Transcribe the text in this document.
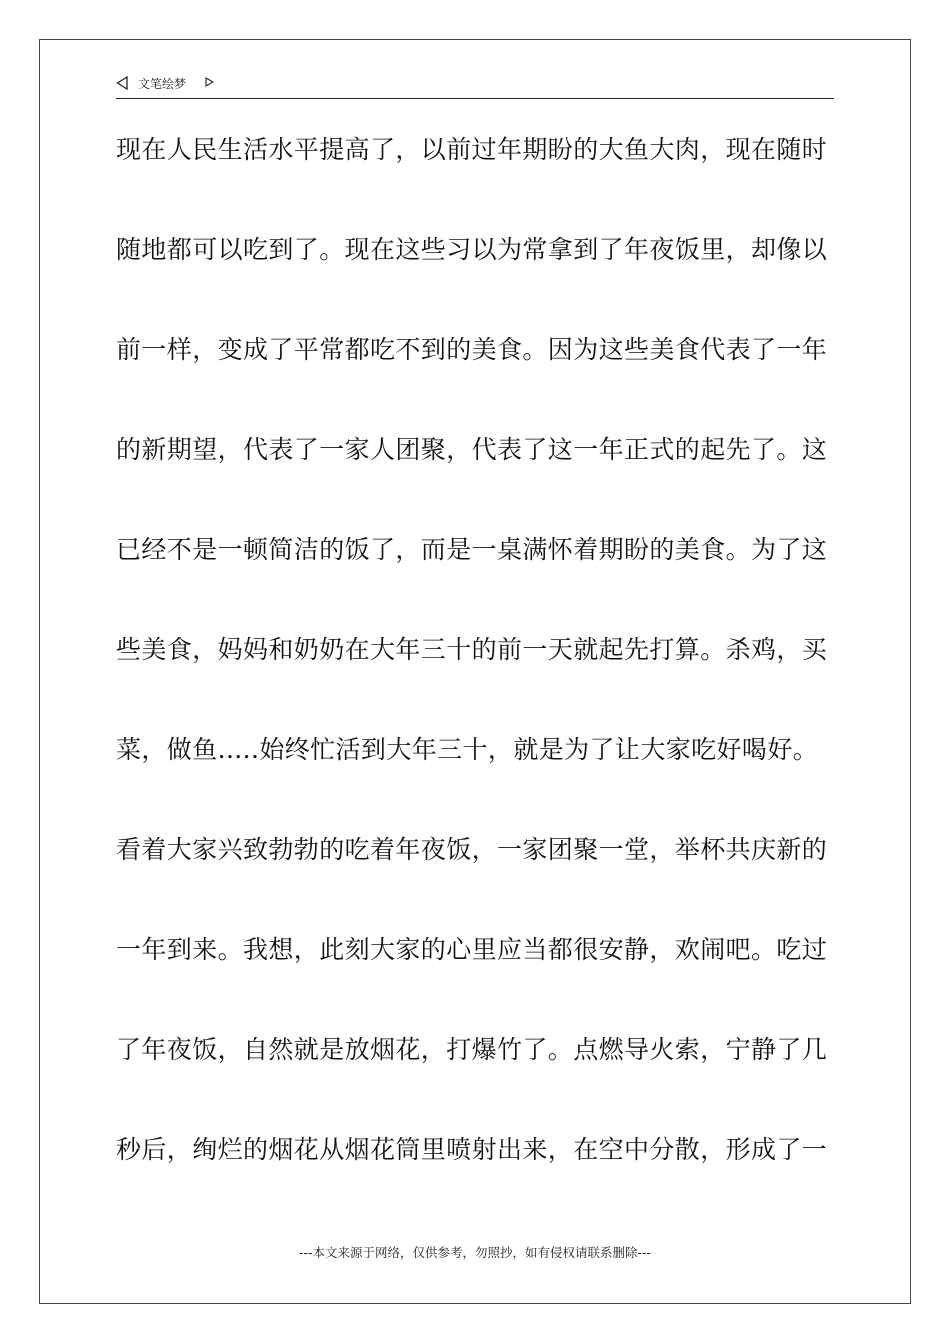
文笔绘梦
现在人民生活水平提高了，以前过年期盼的大鱼大肉，现在随时
随地都可以吃到了。现在这些习以为常拿到了年夜饭里，却像以
前一样，变成了平常都吃不到的美食。因为这些美食代表了一年
的新期望，代表了一家人团聚，代表了这一年正式的起先了。这
已经不是一顿简洁的饭了，而是一桌满怀着期盼的美食。为了这
些美食，妈妈和奶奶在大年三十的前一天就起先打算。杀鸡，买
菜，做鱼.....始终忙活到大年三十，就是为了让大家吃好喝好。
看着大家兴致勃勃的吃着年夜饭，一家团聚一堂，举杯共庆新的
一年到来。我想，此刻大家的心里应当都很安静，欢闹吧。吃过
了年夜饭，自然就是放烟花，打爆竹了。点燃导火索，宁静了几
秒后，绚烂的烟花从烟花筒里喷射出来，在空中分散，形成了一
---本文来源于网络，仅供参考，勿照抄，如有侵权请联系删除---
